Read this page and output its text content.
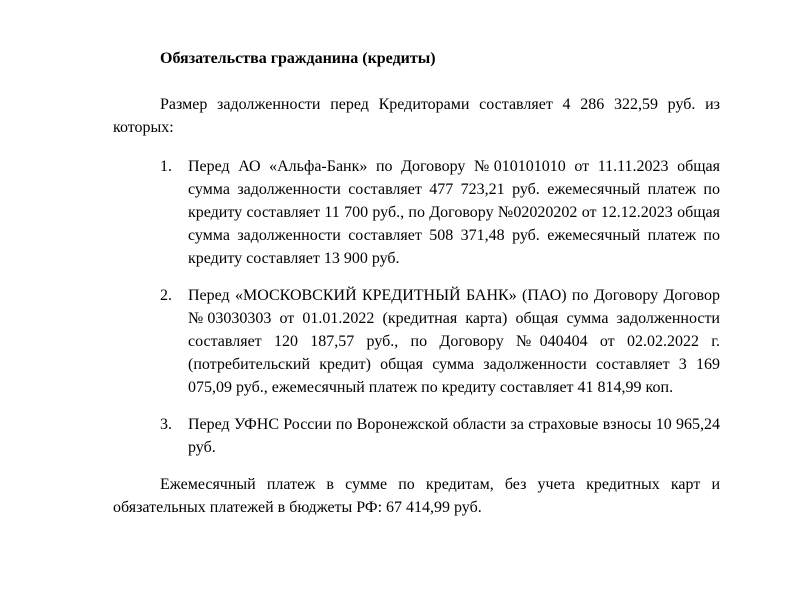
Обязательства гражданина (кредиты)

Размер задолженности перед Кредиторами составляет 4 286 322,59 руб. из которых:

1. Перед АО «Альфа-Банк» по Договору №010101010 от 11.11.2023 общая сумма задолженности составляет 477 723,21 руб. ежемесячный платеж по кредиту составляет 11 700 руб., по Договору №02020202 от 12.12.2023 общая сумма задолженности составляет 508 371,48 руб. ежемесячный платеж по кредиту составляет 13 900 руб.
2. Перед «МОСКОВСКИЙ КРЕДИТНЫЙ БАНК» (ПАО) по Договору Договор №03030303 от 01.01.2022 (кредитная карта) общая сумма задолженности составляет 120 187,57 руб., по Договору №040404 от 02.02.2022 г. (потребительский кредит) общая сумма задолженности составляет 3 169 075,09 руб., ежемесячный платеж по кредиту составляет 41 814,99 коп.
3. Перед УФНС России по Воронежской области за страховые взносы 10 965,24 руб.

Ежемесячный платеж в сумме по кредитам, без учета кредитных карт и обязательных платежей в бюджеты РФ: 67 414,99 руб.
